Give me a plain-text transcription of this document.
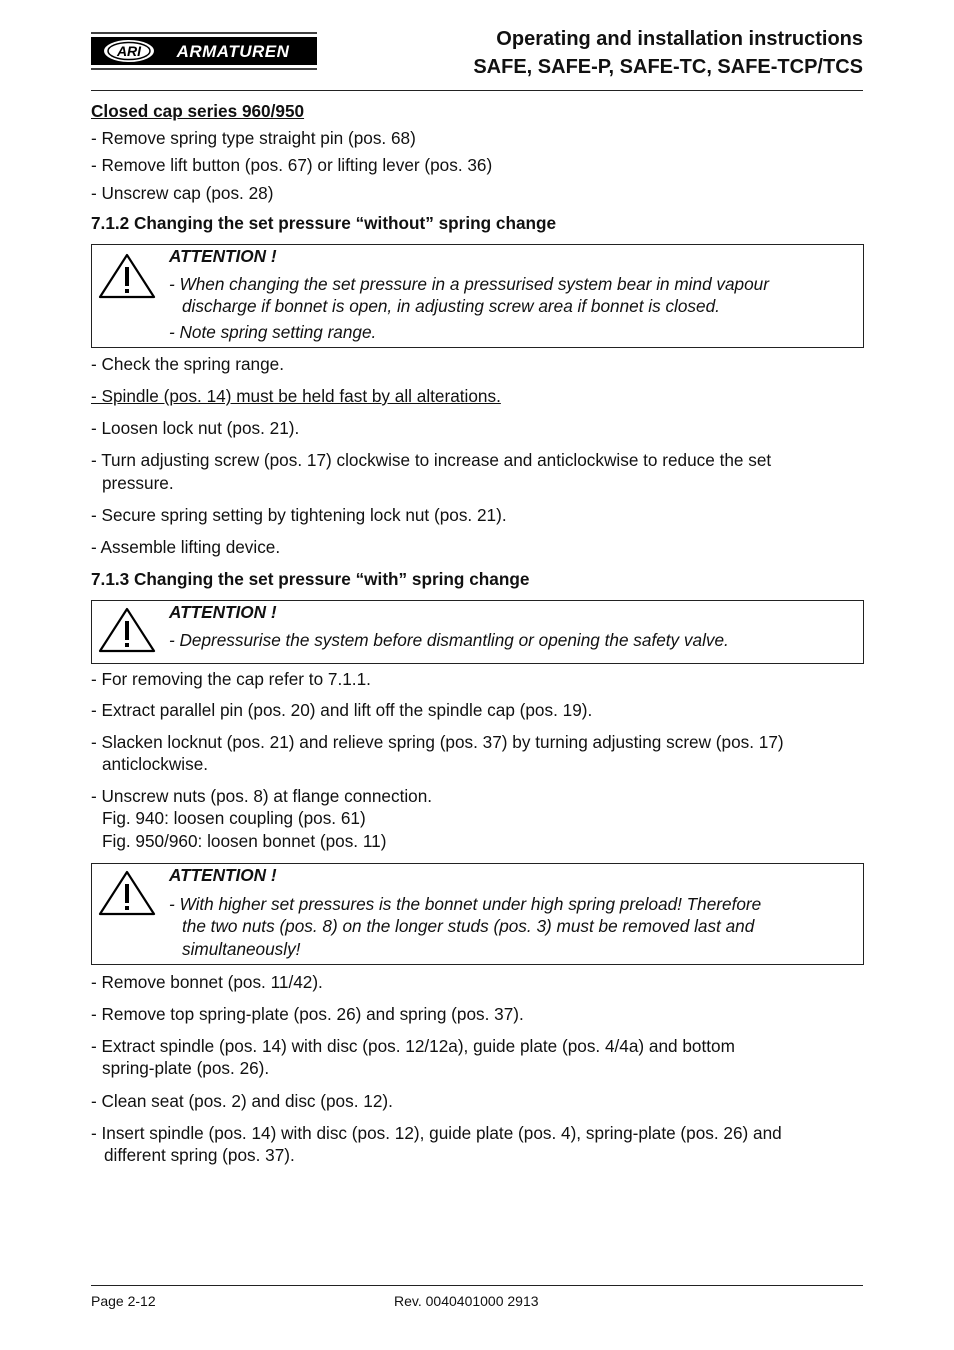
ARI ARMATUREN
Operating and installation instructions
SAFE, SAFE-P, SAFE-TC, SAFE-TCP/TCS
Closed cap series 960/950
- Remove spring type straight pin (pos. 68)
- Remove lift button (pos. 67) or lifting lever (pos. 36)
- Unscrew cap (pos. 28)
7.1.2 Changing the set pressure “without” spring change
ATTENTION !
- When changing the set pressure in a pressurised system bear in mind vapour
discharge if bonnet is open, in adjusting screw area if bonnet is closed.
- Note spring setting range.
- Check the spring range.
- Spindle (pos. 14) must be held fast by all alterations.
- Loosen lock nut (pos. 21).
- Turn adjusting screw (pos. 17) clockwise to increase and anticlockwise to reduce the set
pressure.
- Secure spring setting by tightening lock nut (pos. 21).
- Assemble lifting device.
7.1.3 Changing the set pressure “with” spring change
ATTENTION !
- Depressurise the system before dismantling or opening the safety valve.
- For removing the cap refer to 7.1.1.
- Extract parallel pin (pos. 20) and lift off the spindle cap (pos. 19).
- Slacken locknut (pos. 21) and relieve spring (pos. 37) by turning adjusting screw (pos. 17)
anticlockwise.
- Unscrew nuts (pos. 8) at flange connection.
Fig. 940: loosen coupling (pos. 61)
Fig. 950/960: loosen bonnet (pos. 11)
ATTENTION !
- With higher set pressures is the bonnet under high spring preload! Therefore
the two nuts (pos. 8) on the longer studs (pos. 3) must be removed last and
simultaneously!
- Remove bonnet (pos. 11/42).
- Remove top spring-plate (pos. 26) and spring (pos. 37).
- Extract spindle (pos. 14) with disc (pos. 12/12a), guide plate (pos. 4/4a) and bottom
spring-plate (pos. 26).
- Clean seat (pos. 2) and disc (pos. 12).
- Insert spindle (pos. 14) with disc (pos. 12), guide plate (pos. 4), spring-plate (pos. 26) and
different spring (pos. 37).
Page 2-12	Rev. 0040401000 2913
